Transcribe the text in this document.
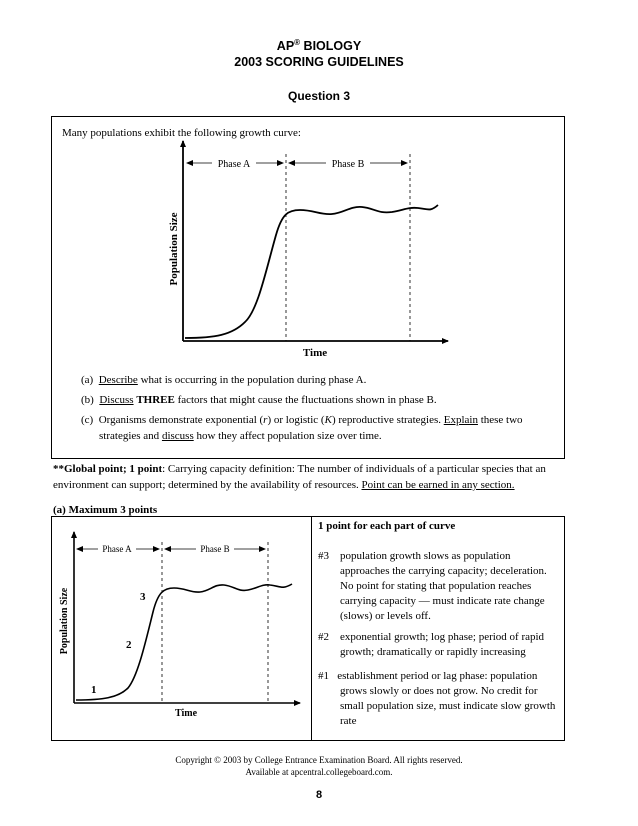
AP® BIOLOGY
2003 SCORING GUIDELINES
Question 3
Many populations exhibit the following growth curve:
Phase A	Phase B
Population Size
Time
Phase A	Phase B
Population Size
Time
1
2
3
(a) Describe what is occurring in the population during phase A.
(b) Discuss THREE factors that might cause the fluctuations shown in phase B.
(c) Organisms demonstrate exponential (r) or logistic (K) reproductive strategies. Explain these two
strategies and discuss how they affect population size over time.
**Global point; 1 point: Carrying capacity definition: The number of individuals of a particular species that an
environment can support; determined by the availability of resources. Point can be earned in any section.
(a) Maximum 3 points
1 point for each part of curve
#3 population growth slows as population
approaches the carrying capacity; deceleration.
No point for stating that population reaches
carrying capacity — must indicate rate change
(slows) or levels off.
#2 exponential growth; log phase; period of rapid
growth; dramatically or rapidly increasing
#1 establishment period or lag phase: population
grows slowly or does not grow. No credit for
small population size, must indicate slow growth
rate
Copyright © 2003 by College Entrance Examination Board. All rights reserved.
Available at apcentral.collegeboard.com.
8
